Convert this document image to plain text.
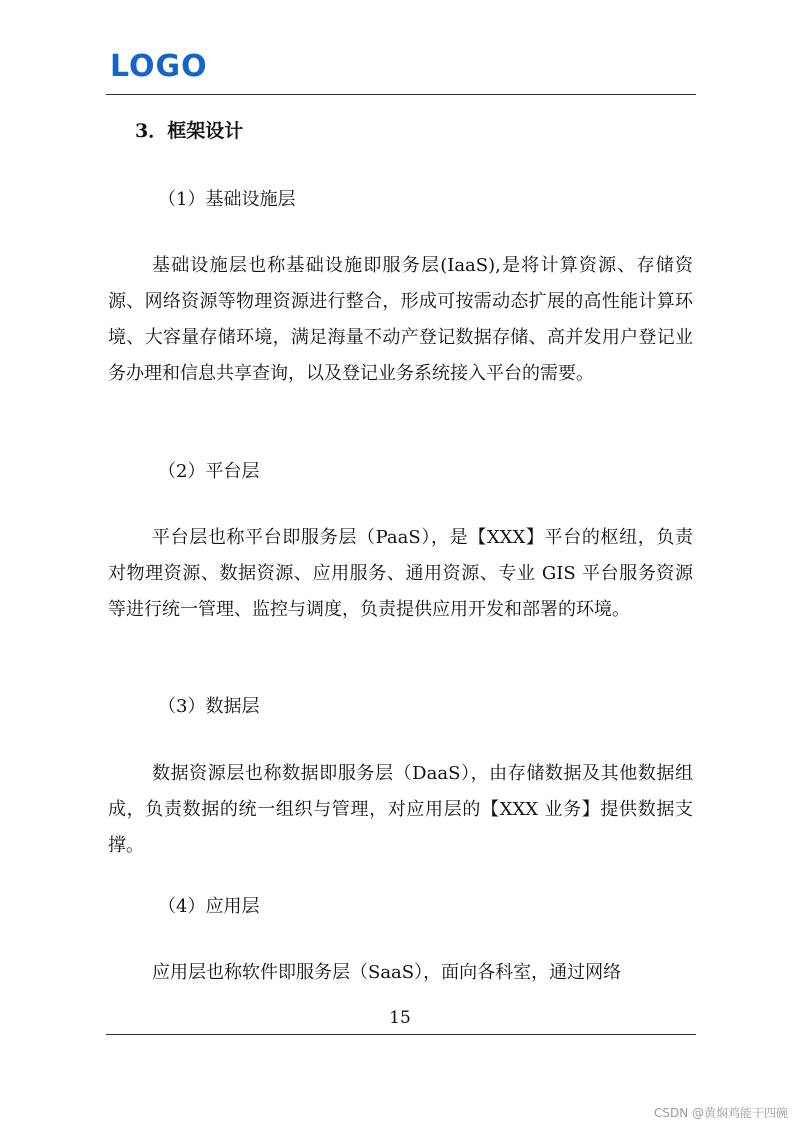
LOGO
3．框架设计
（1）基础设施层

基础设施层也称基础设施即服务层(IaaS),是将计算资源、存储资源、网络资源等物理资源进行整合，形成可按需动态扩展的高性能计算环境、大容量存储环境，满足海量不动产登记数据存储、高并发用户登记业务办理和信息共享查询，以及登记业务系统接入平台的需要。

（2）平台层

平台层也称平台即服务层（PaaS），是【XXX】平台的枢纽，负责对物理资源、数据资源、应用服务、通用资源、专业 GIS 平台服务资源等进行统一管理、监控与调度，负责提供应用开发和部署的环境。

（3）数据层

数据资源层也称数据即服务层（DaaS），由存储数据及其他数据组成，负责数据的统一组织与管理，对应用层的【XXX 业务】提供数据支撑。

（4）应用层

应用层也称软件即服务层（SaaS），面向各科室，通过网络

15
CSDN @黄焖鸡能干四碗
